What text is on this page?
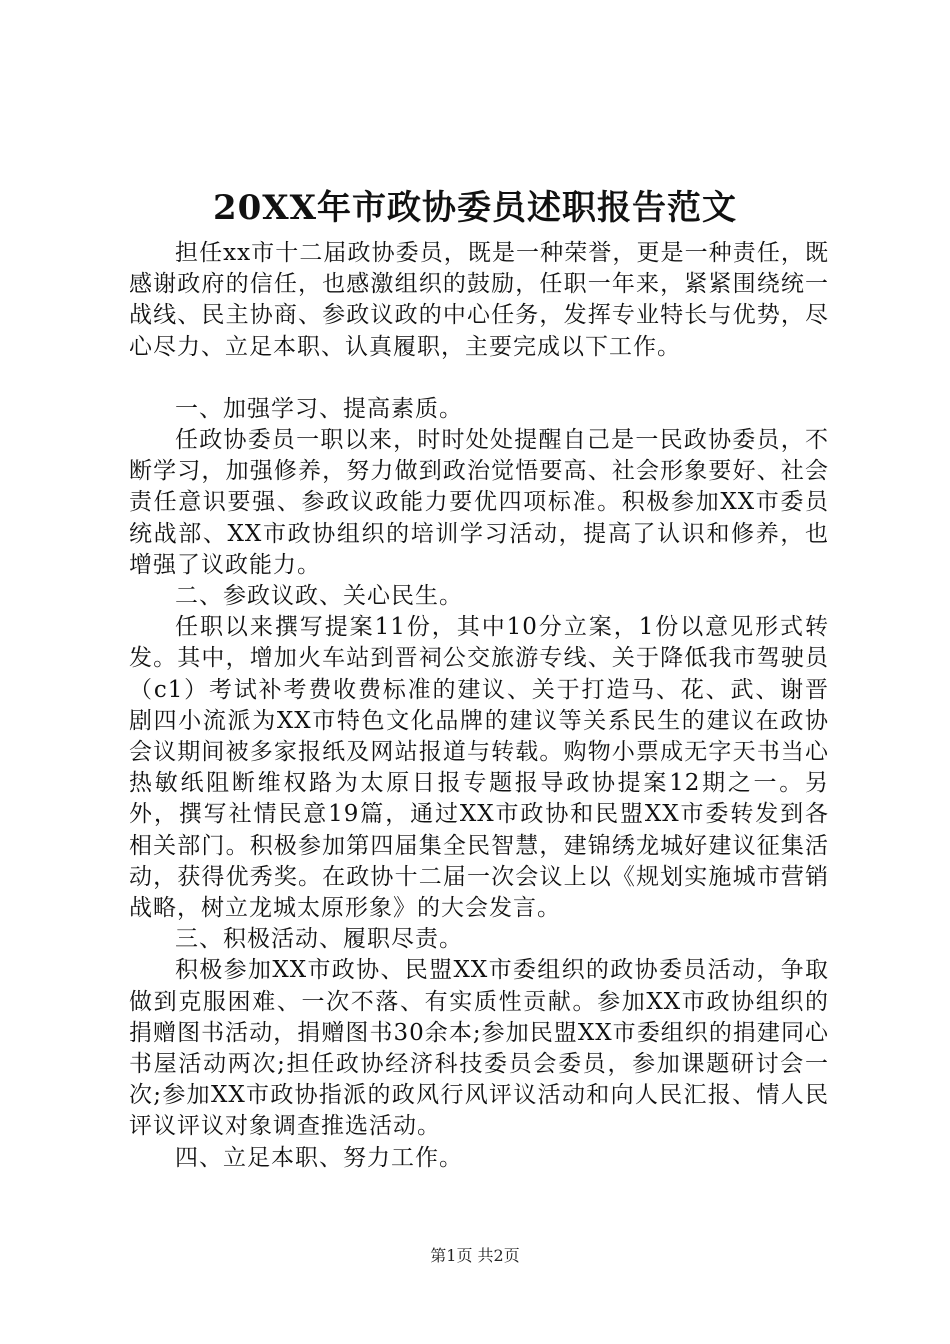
20XX年市政协委员述职报告范文

担任xx市十二届政协委员，既是一种荣誉，更是一种责任，既感谢政府的信任，也感激组织的鼓励，任职一年来，紧紧围绕统一战线、民主协商、参政议政的中心任务，发挥专业特长与优势，尽心尽力、立足本职、认真履职，主要完成以下工作。

一、加强学习、提高素质。

任政协委员一职以来，时时处处提醒自己是一民政协委员，不断学习，加强修养，努力做到政治觉悟要高、社会形象要好、社会责任意识要强、参政议政能力要优四项标准。积极参加XX市委员统战部、XX市政协组织的培训学习活动，提高了认识和修养，也增强了议政能力。

二、参政议政、关心民生。

任职以来撰写提案11份，其中10分立案，1份以意见形式转发。其中，增加火车站到晋祠公交旅游专线、关于降低我市驾驶员（c1）考试补考费收费标准的建议、关于打造马、花、武、谢晋剧四小流派为XX市特色文化品牌的建议等关系民生的建议在政协会议期间被多家报纸及网站报道与转载。购物小票成无字天书当心热敏纸阻断维权路为太原日报专题报导政协提案12期之一。另外，撰写社情民意19篇，通过XX市政协和民盟XX市委转发到各相关部门。积极参加第四届集全民智慧，建锦绣龙城好建议征集活动，获得优秀奖。在政协十二届一次会议上以《规划实施城市营销战略，树立龙城太原形象》的大会发言。

三、积极活动、履职尽责。

积极参加XX市政协、民盟XX市委组织的政协委员活动，争取做到克服困难、一次不落、有实质性贡献。参加XX市政协组织的捐赠图书活动，捐赠图书30余本;参加民盟XX市委组织的捐建同心书屋活动两次;担任政协经济科技委员会委员，参加课题研讨会一次;参加XX市政协指派的政风行风评议活动和向人民汇报、情人民评议评议对象调查推选活动。

四、立足本职、努力工作。

第1页 共2页
